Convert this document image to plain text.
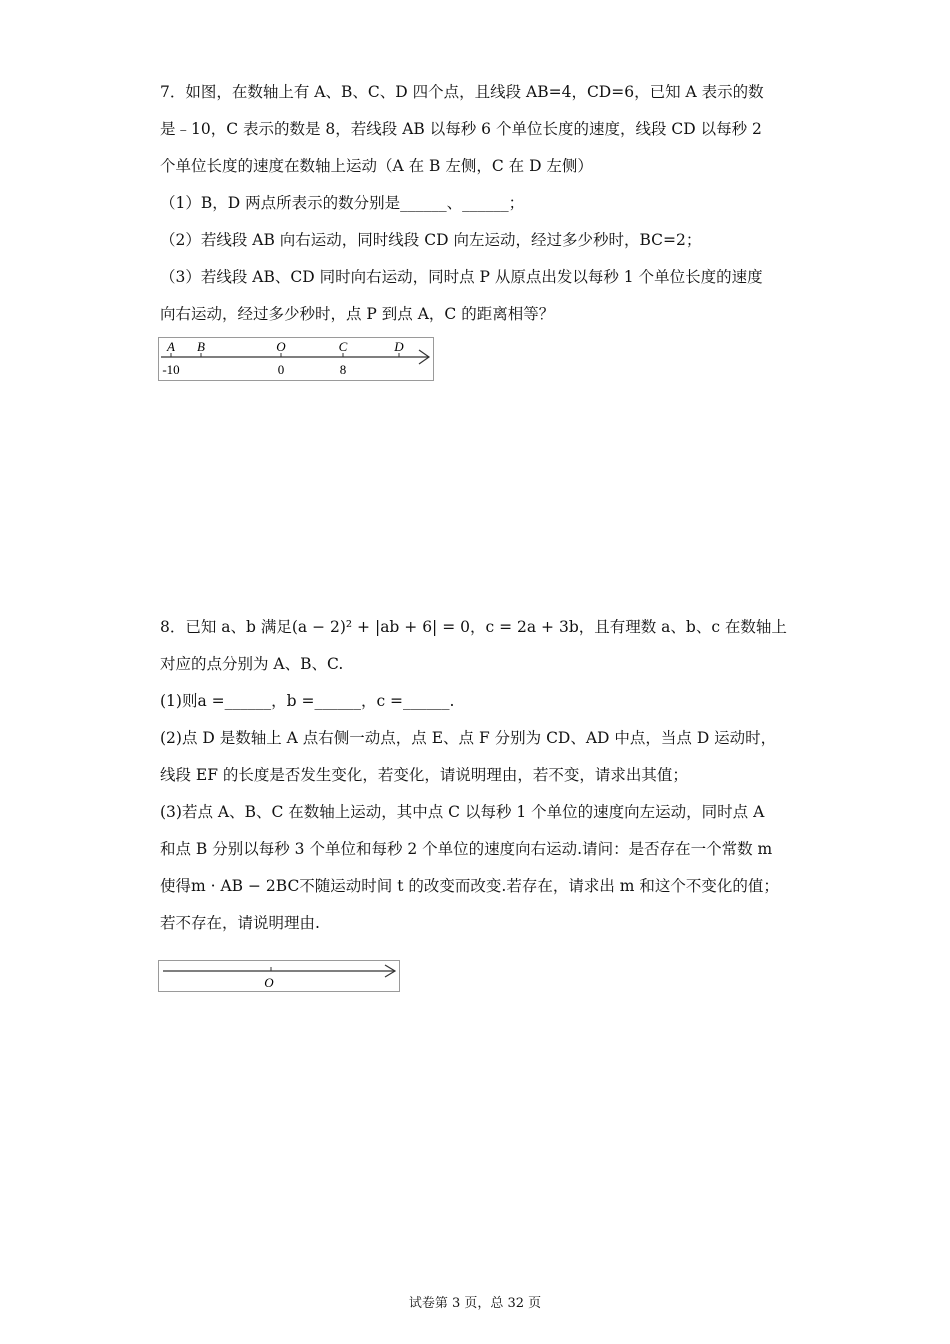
7．如图，在数轴上有 A、B、C、D 四个点，且线段 AB=4，CD=6，已知 A 表示的数
是﹣10，C 表示的数是 8，若线段 AB 以每秒 6 个单位长度的速度，线段 CD 以每秒 2
个单位长度的速度在数轴上运动（A 在 B 左侧，C 在 D 左侧）
（1）B，D 两点所表示的数分别是______、______；
（2）若线段 AB 向右运动，同时线段 CD 向左运动，经过多少秒时，BC=2；
（3）若线段 AB、CD 同时向右运动，同时点 P 从原点出发以每秒 1 个单位长度的速度
向右运动，经过多少秒时，点 P 到点 A，C 的距离相等？
A B	O	C	D
-10	0	8
8．已知 a、b 满足(a − 2)² + |ab + 6| = 0，c = 2a + 3b，且有理数 a、b、c 在数轴上
对应的点分别为 A、B、C.
(1)则a =______，b =______，c =______.
(2)点 D 是数轴上 A 点右侧一动点，点 E、点 F 分别为 CD、AD 中点，当点 D 运动时，
线段 EF 的长度是否发生变化，若变化，请说明理由，若不变，请求出其值；
(3)若点 A、B、C 在数轴上运动，其中点 C 以每秒 1 个单位的速度向左运动，同时点 A
和点 B 分别以每秒 3 个单位和每秒 2 个单位的速度向右运动.请问：是否存在一个常数 m
使得m · AB − 2BC不随运动时间 t 的改变而改变.若存在，请求出 m 和这个不变化的值；
若不存在，请说明理由.
O
试卷第 3 页，总 32 页
